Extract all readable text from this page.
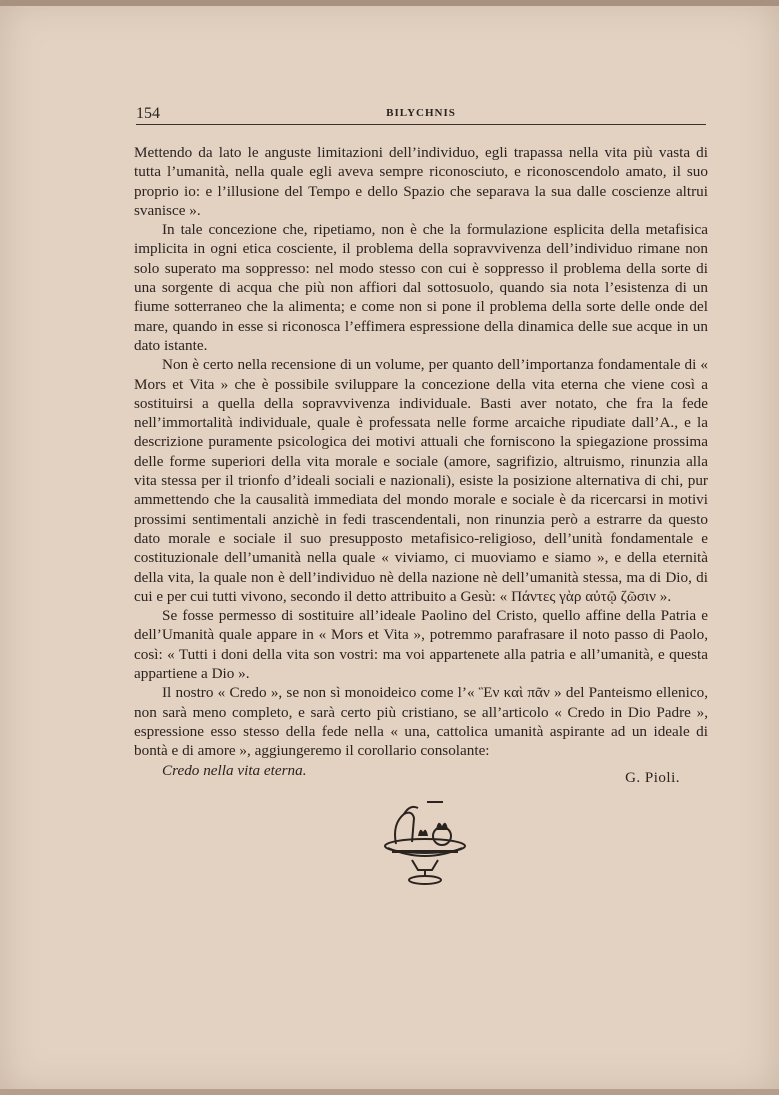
154	BILYCHNIS

Mettendo da lato le anguste limitazioni dell’individuo, egli trapassa nella vita più vasta di tutta l’umanità, nella quale egli aveva sempre riconosciuto, e riconoscendolo amato, il suo proprio io: e l’illusione del Tempo e dello Spazio che separava la sua dalle coscienze altrui svanisce ».

In tale concezione che, ripetiamo, non è che la formulazione esplicita della metafisica implicita in ogni etica cosciente, il problema della sopravvivenza dell’individuo rimane non solo superato ma soppresso: nel modo stesso con cui è soppresso il problema della sorte di una sorgente di acqua che più non affiori dal sottosuolo, quando sia nota l’esistenza di un fiume sotterraneo che la alimenta; e come non si pone il problema della sorte delle onde del mare, quando in esse si riconosca l’effimera espressione della dinamica delle sue acque in un dato istante.

Non è certo nella recensione di un volume, per quanto dell’importanza fondamentale di « Mors et Vita » che è possibile sviluppare la concezione della vita eterna che viene così a sostituirsi a quella della sopravvivenza individuale. Basti aver notato, che fra la fede nell’immortalità individuale, quale è professata nelle forme arcaiche ripudiate dall’A., e la descrizione puramente psicologica dei motivi attuali che forniscono la spiegazione prossima delle forme superiori della vita morale e sociale (amore, sagrifizio, altruismo, rinunzia alla vita stessa per il trionfo d’ideali sociali e nazionali), esiste la posizione alternativa di chi, pur ammettendo che la causalità immediata del mondo morale e sociale è da ricercarsi in motivi prossimi sentimentali anzichè in fedi trascendentali, non rinunzia però a estrarre da questo dato morale e sociale il suo presupposto metafisico-religioso, dell’unità fondamentale e costituzionale dell’umanità nella quale « viviamo, ci muoviamo e siamo », e della eternità della vita, la quale non è dell’individuo nè della nazione nè dell’umanità stessa, ma di Dio, di cui e per cui tutti vivono, secondo il detto attribuito a Gesù: « Πάντες γὰρ αὐτῷ ζῶσιν ».

Se fosse permesso di sostituire all’ideale Paolino del Cristo, quello affine della Patria e dell’Umanità quale appare in « Mors et Vita », potremmo parafrasare il noto passo di Paolo, così: « Tutti i doni della vita son vostri: ma voi appartenete alla patria e all’umanità, e questa appartiene a Dio ».

Il nostro « Credo », se non sì monoideico come l’« Ἓν καὶ πᾶν » del Panteismo ellenico, non sarà meno completo, e sarà certo più cristiano, se all’articolo « Credo in Dio Padre », espressione esso stesso della fede nella « una, cattolica umanità aspirante ad un ideale di bontà e di amore », aggiungeremo il corollario consolante:

Credo nella vita eterna.	G. Pioli.
